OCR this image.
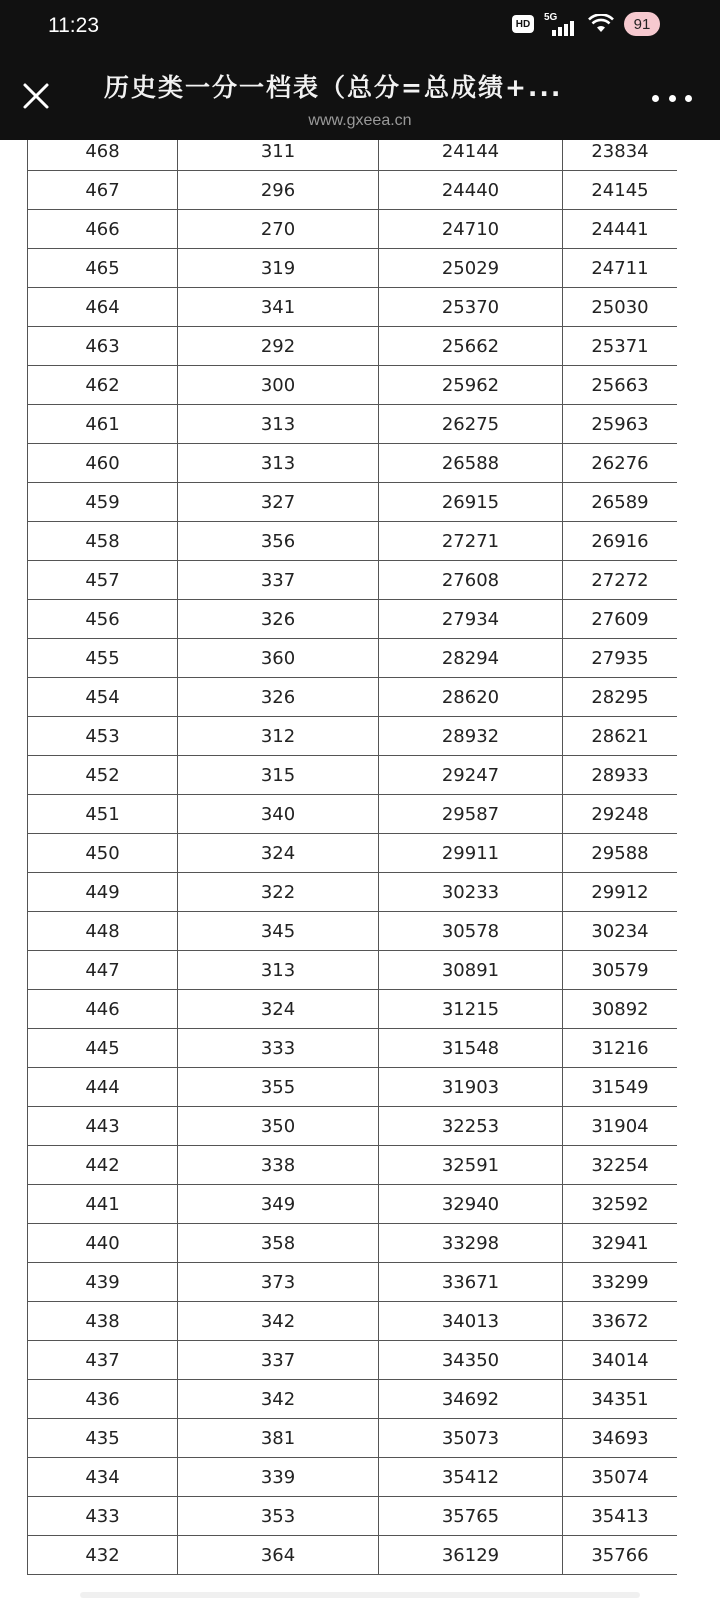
11:23	HD
5G	91
历史类一分一档表（总分=总成绩+...
www.gxeea.cn
468	311	24144	23834
467	296	24440	24145
466	270	24710	24441
465	319	25029	24711
464	341	25370	25030
463	292	25662	25371
462	300	25962	25663
461	313	26275	25963
460	313	26588	26276
459	327	26915	26589
458	356	27271	26916
457	337	27608	27272
456	326	27934	27609
455	360	28294	27935
454	326	28620	28295
453	312	28932	28621
452	315	29247	28933
451	340	29587	29248
450	324	29911	29588
449	322	30233	29912
448	345	30578	30234
447	313	30891	30579
446	324	31215	30892
445	333	31548	31216
444	355	31903	31549
443	350	32253	31904
442	338	32591	32254
441	349	32940	32592
440	358	33298	32941
439	373	33671	33299
438	342	34013	33672
437	337	34350	34014
436	342	34692	34351
435	381	35073	34693
434	339	35412	35074
433	353	35765	35413
432	364	36129	35766
